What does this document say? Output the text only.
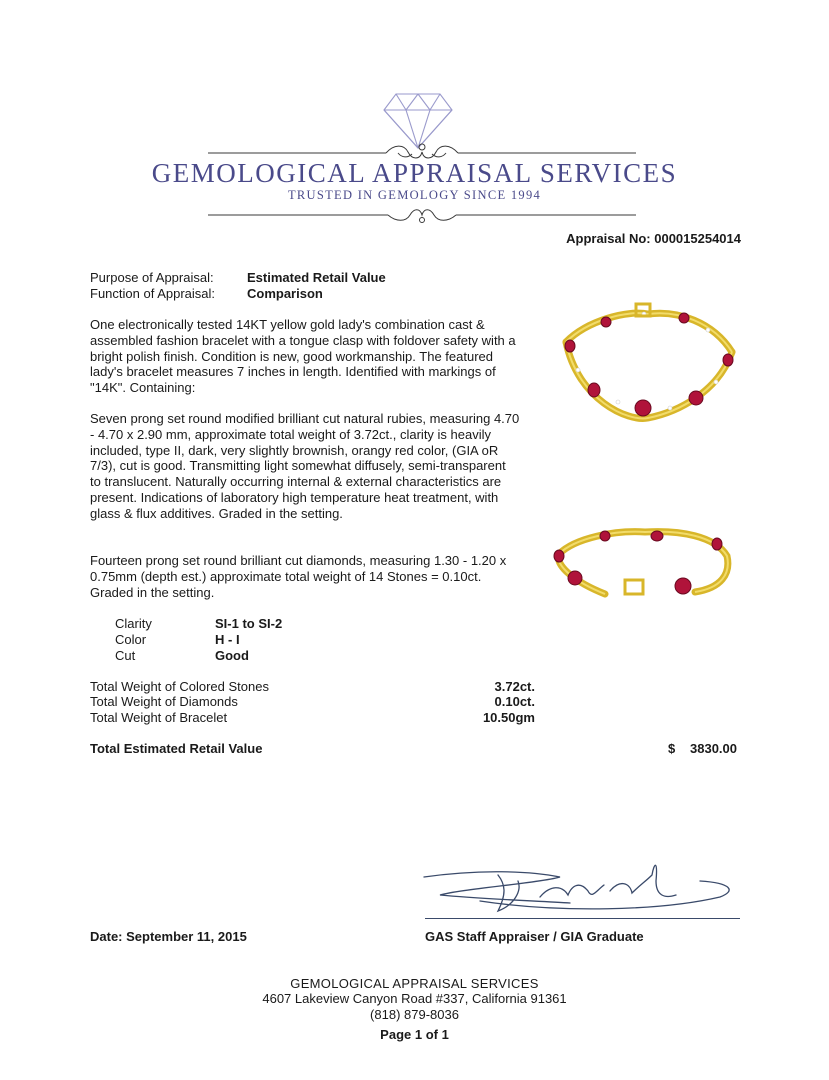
GEMOLOGICAL APPRAISAL SERVICES
TRUSTED IN GEMOLOGY SINCE 1994
Appraisal No: 000015254014
Purpose of Appraisal:	Estimated Retail Value
Function of Appraisal: Comparison
One electronically tested 14KT yellow gold lady's combination cast & assembled fashion bracelet with a tongue clasp with foldover safety with a bright polish finish. Condition is new, good workmanship. The featured lady's bracelet measures 7 inches in length. Identified with markings of "14K". Containing:
Seven prong set round modified brilliant cut natural rubies, measuring 4.70 - 4.70 x 2.90 mm, approximate total weight of 3.72ct., clarity is heavily included, type II, dark, very slightly brownish, orangy red color, (GIA oR 7/3), cut is good. Transmitting light somewhat diffusely, semi-transparent to translucent. Naturally occurring internal & external characteristics are present. Indications of laboratory high temperature heat treatment, with glass & flux additives. Graded in the setting.
Fourteen prong set round brilliant cut diamonds, measuring 1.30 - 1.20 x 0.75mm (depth est.) approximate total weight of 14 Stones = 0.10ct. Graded in the setting.
Clarity	SI-1 to SI-2
Color	H - I
Cut	Good
Total Weight of Colored Stones	3.72ct.
Total Weight of Diamonds	0.10ct.
Total Weight of Bracelet	10.50gm
Total Estimated Retail Value	$ 3830.00
Date: September 11, 2015	GAS Staff Appraiser / GIA Graduate
GEMOLOGICAL APPRAISAL SERVICES
4607 Lakeview Canyon Road #337, California 91361
(818) 879-8036
Page 1 of 1
